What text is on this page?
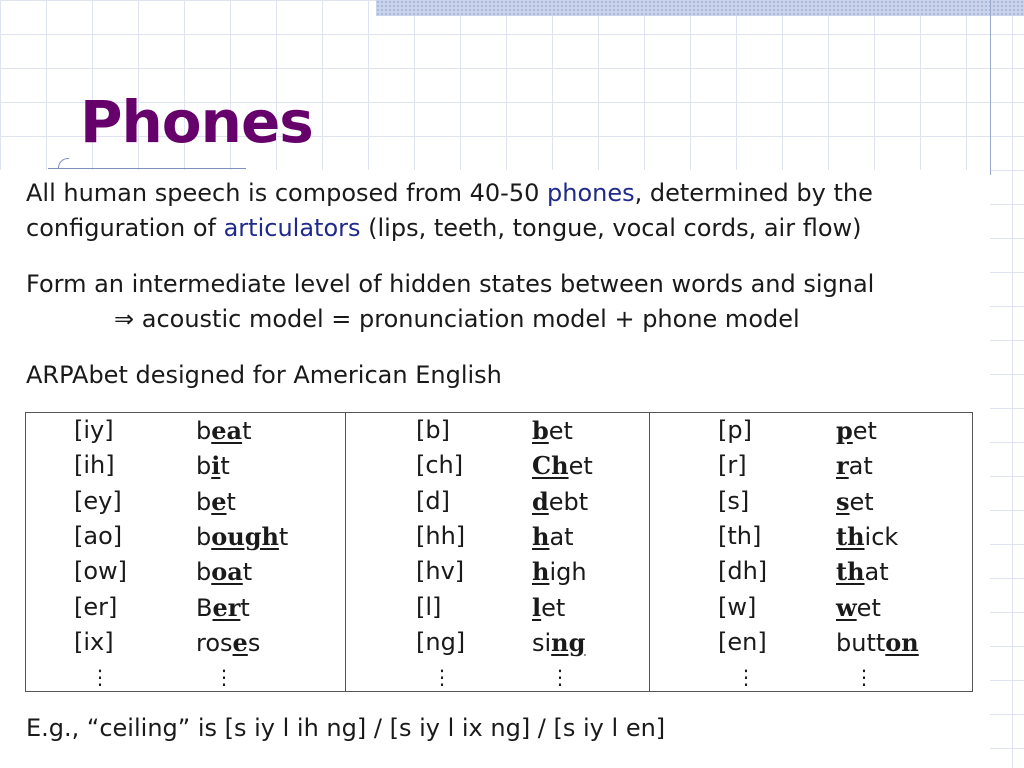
Phones

All human speech is composed from 40-50 phones, determined by the
configuration of articulators (lips, teeth, tongue, vocal cords, air flow)

Form an intermediate level of hidden states between words and signal
⇒ acoustic model = pronunciation model + phone model

ARPAbet designed for American English

[iy]	beat	[b]	bet	[p]	pet
[ih]	bit	[ch]	Chet	[r]	rat
[ey]	bet	[d]	debt	[s]	set
[ao]	bought	[hh]	hat	[th]	thick
[ow]	boat	[hv]	high	[dh]	that
[er]	Bert	[l]	let	[w]	wet
[ix]	roses	[ng]	sing	[en]	button
⋮	⋮	⋮	⋮	⋮	⋮

E.g., “ceiling” is [s iy l ih ng] / [s iy l ix ng] / [s iy l en]
